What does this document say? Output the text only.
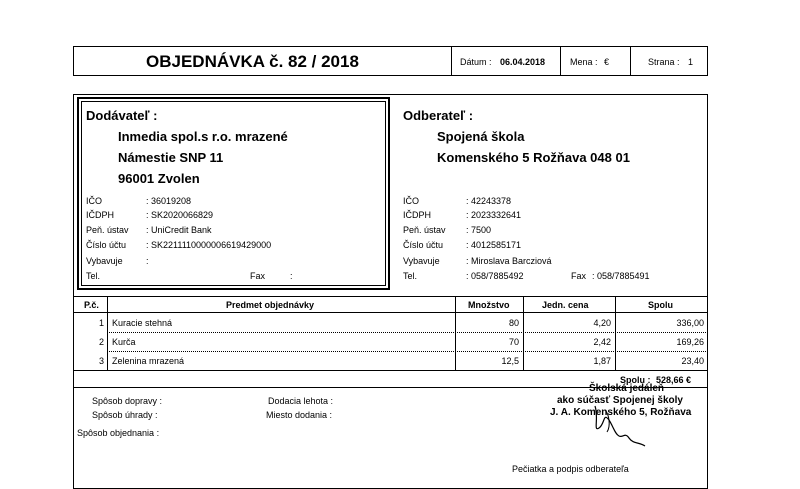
OBJEDNÁVKA č. 82 / 2018	Dátum : 06.04.2018	Mena : €	Strana : 1
Dodávateľ :
Inmedia spol.s r.o. mrazené
Námestie SNP 11
96001 Zvolen
IČO	: 36019208
IČDPH	: SK2020066829
Peň. ústav : UniCredit Bank
Číslo účtu : SK2211110000006619429000
Vybavuje	:
Tel.	Fax	:
Odberateľ :
Spojená škola
Komenského 5 Rožňava 048 01
IČO	: 42243378
IČDPH	: 2023332641
Peň. ústav : 7500
Číslo účtu	: 4012585171
Vybavuje	: Miroslava Barcziová
Tel.	: 058/7885492	Fax : 058/7885491
P.č.	Predmet objednávky	Množstvo	Jedn. cena	Spolu
1 Kuracie stehná	80	4,20	336,00
2 Kurča	70	2,42	169,26
3 Zelenina mrazená	12,5	1,87	23,40
Spolu : 528,66 €
Spôsob dopravy :
Spôsob úhrady :
Spôsob objednania :
Dodacia lehota :
Miesto dodania :
Školská jedáleň
ako súčasť Spojenej školy
J. A. Komenského 5, Rožňava
Pečiatka a podpis odberateľa
